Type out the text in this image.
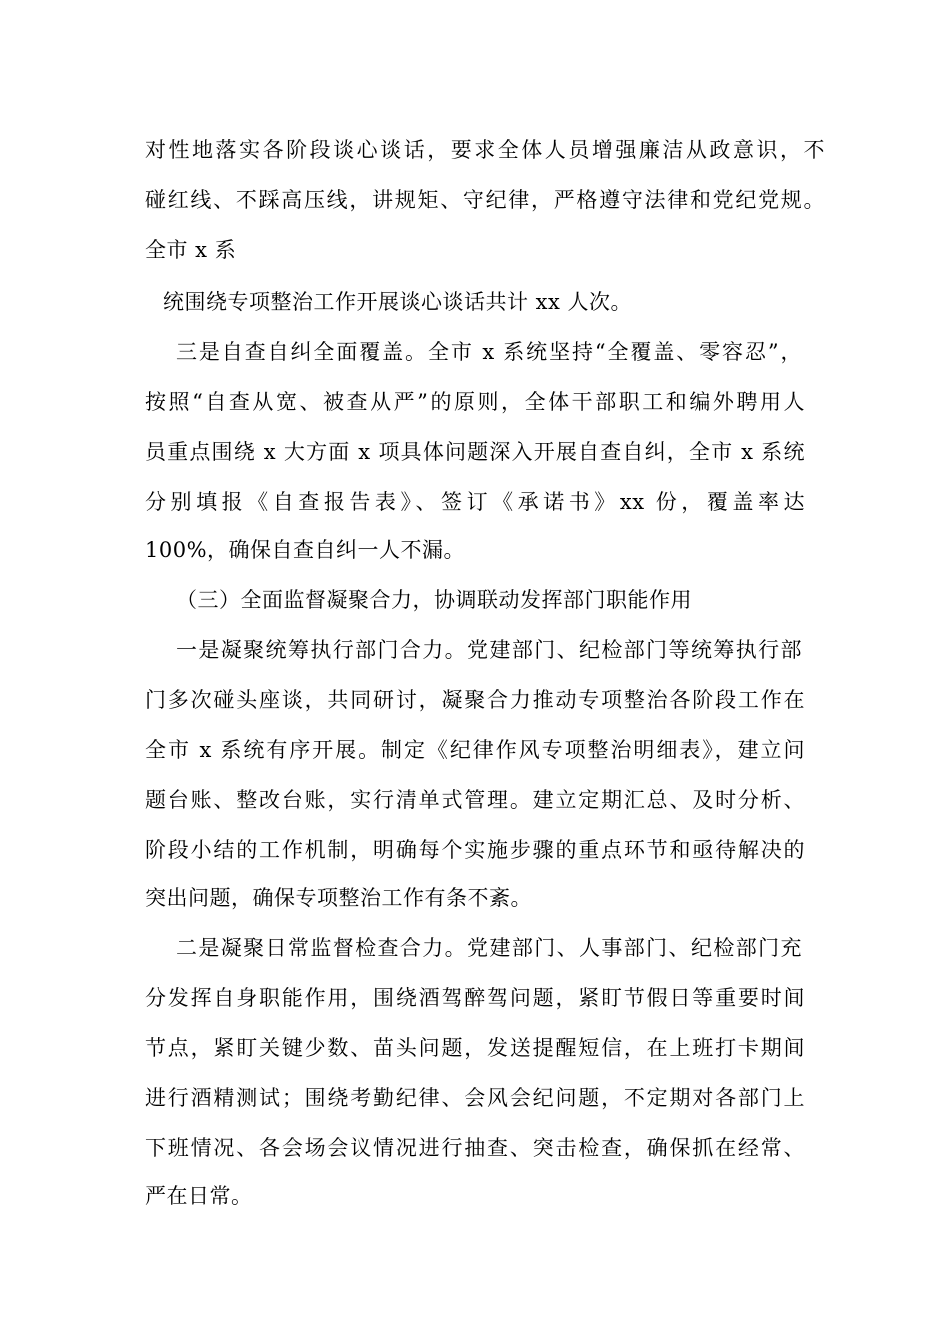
对性地落实各阶段谈心谈话，要求全体人员增强廉洁从政意识，不
碰红线、不踩高压线，讲规矩、守纪律，严格遵守法律和党纪党规。
全市 x 系
统围绕专项整治工作开展谈心谈话共计 xx 人次。
三是自查自纠全面覆盖。全市 x 系统坚持“全覆盖、零容忍”，
按照“自查从宽、被查从严”的原则，全体干部职工和编外聘用人
员重点围绕 x 大方面 x 项具体问题深入开展自查自纠，全市 x 系统
分别填报《自查报告表》、签订《承诺书》xx 份，覆盖率达
100%，确保自查自纠一人不漏。
（三）全面监督凝聚合力，协调联动发挥部门职能作用
一是凝聚统筹执行部门合力。党建部门、纪检部门等统筹执行部
门多次碰头座谈，共同研讨，凝聚合力推动专项整治各阶段工作在
全市 x 系统有序开展。制定《纪律作风专项整治明细表》，建立问
题台账、整改台账，实行清单式管理。建立定期汇总、及时分析、
阶段小结的工作机制，明确每个实施步骤的重点环节和亟待解决的
突出问题，确保专项整治工作有条不紊。
二是凝聚日常监督检查合力。党建部门、人事部门、纪检部门充
分发挥自身职能作用，围绕酒驾醉驾问题，紧盯节假日等重要时间
节点，紧盯关键少数、苗头问题，发送提醒短信，在上班打卡期间
进行酒精测试；围绕考勤纪律、会风会纪问题，不定期对各部门上
下班情况、各会场会议情况进行抽查、突击检查，确保抓在经常、
严在日常。
